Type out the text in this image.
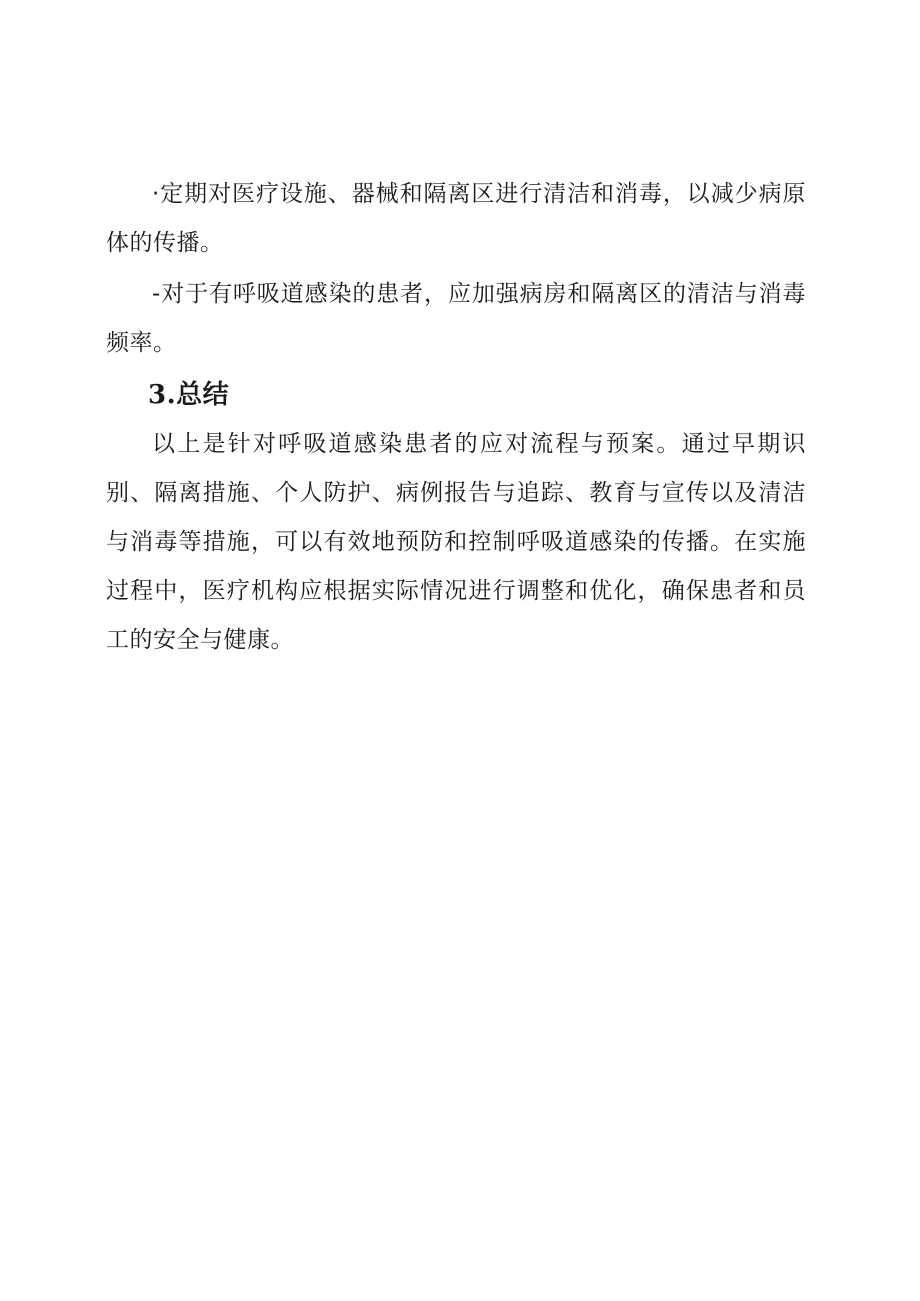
·定期对医疗设施、器械和隔离区进行清洁和消毒，以减少病原体的传播。

-对于有呼吸道感染的患者，应加强病房和隔离区的清洁与消毒频率。

3.总结

以上是针对呼吸道感染患者的应对流程与预案。通过早期识别、隔离措施、个人防护、病例报告与追踪、教育与宣传以及清洁与消毒等措施，可以有效地预防和控制呼吸道感染的传播。在实施过程中，医疗机构应根据实际情况进行调整和优化，确保患者和员工的安全与健康。
